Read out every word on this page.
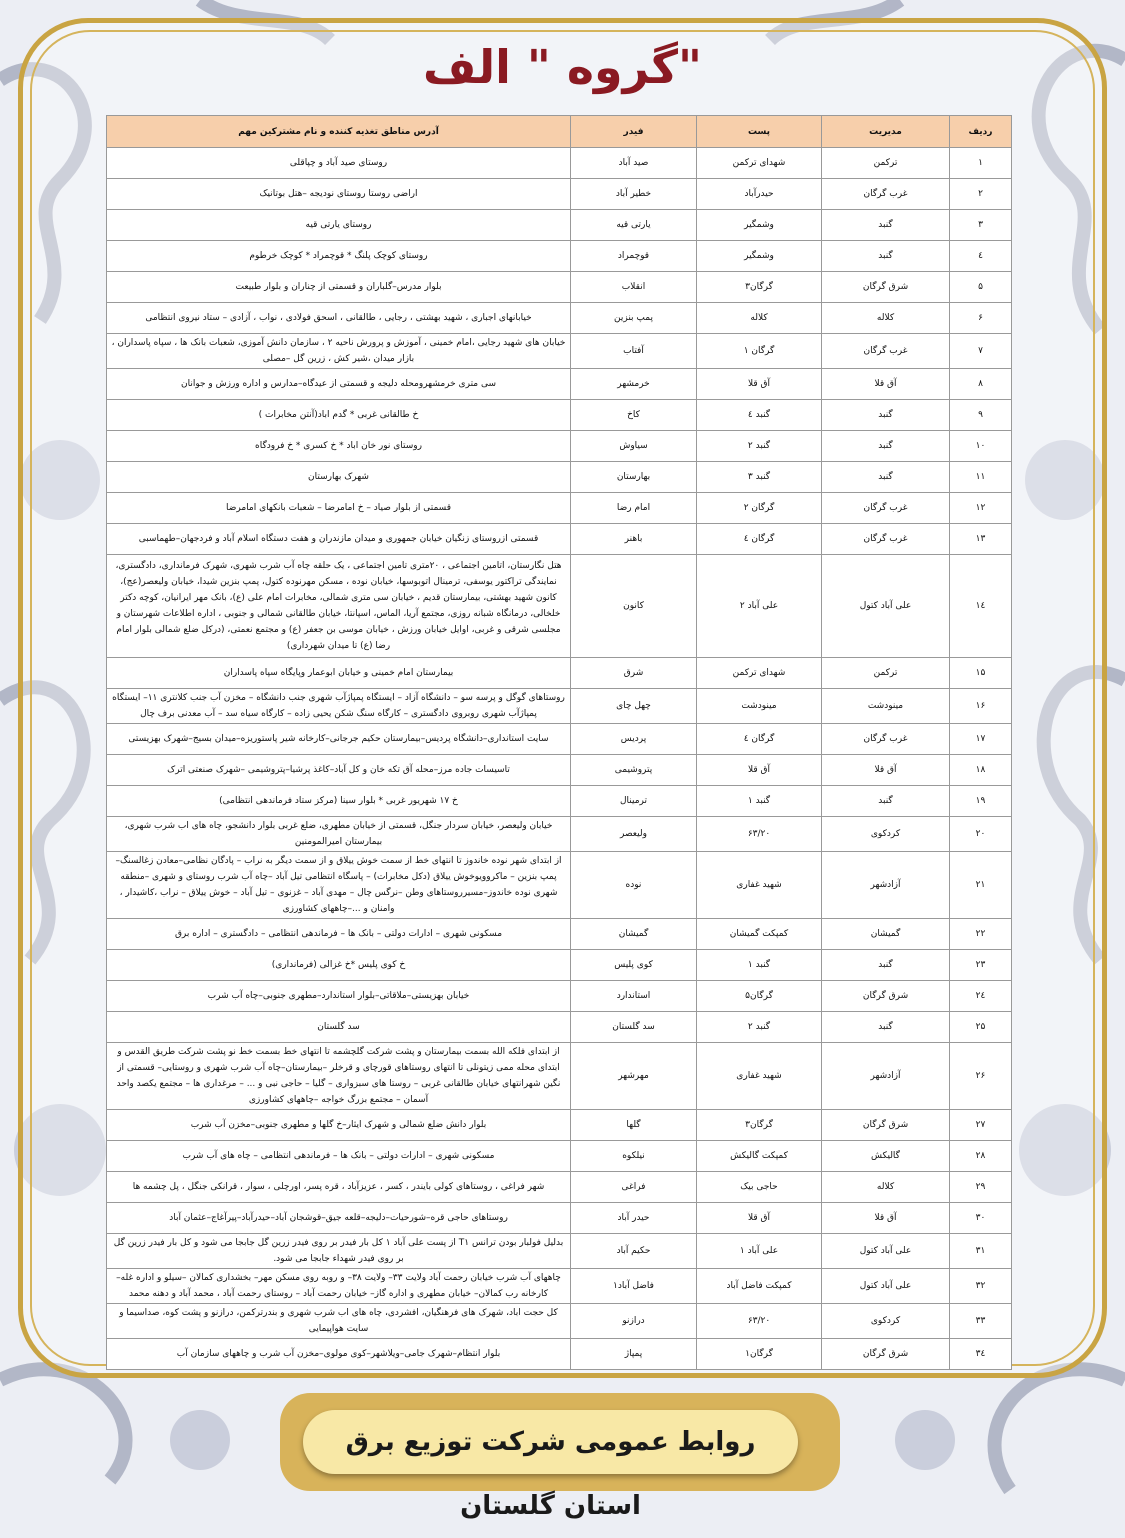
گروه " الف"
ردیف	مدیریت	پست	فیدر	آدرس مناطق تغذیه کننده و نام مشترکین مهم
۱	ترکمن	شهدای ترکمن	صید آباد	روستای صید آباد و چپاقلی
۲	غرب گرگان	حیدرآباد	خطیر آباد	اراضی روستا روستای نودیجه –هتل بوتانیک
۳	گنبد	وشمگیر	یارتی قیه	روستای یارتی قیه
٤	گنبد	وشمگیر	قوچمراد	روستای کوچک پلنگ * قوچمراد * کوچک خرطوم
۵	شرق گرگان	گرگان۳	انقلاب	بلوار مدرس–گلباران و قسمتی از چناران و بلوار طبیعت
۶	کلاله	کلاله	پمپ بنزین	خیابانهای اجباری ، شهید بهشتی ، رجایی ، طالقانی ، اسحق فولادی ، نواب ، آزادی – ستاد نیروی انتظامی
۷	غرب گرگان	گرگان ۱	آفتاب	خیابان های شهید رجایی ،امام خمینی ، آموزش و پرورش ناحیه ۲ ، سازمان دانش آموزی، شعبات بانک ها ، سپاه پاسداران ، بازار میدان ،شیر کش ، زرین گل –مصلی
۸	آق قلا	آق قلا	خرمشهر	سی متری خرمشهرومحله دلیجه و قسمتی از عیدگاه–مدارس و اداره ورزش و جوانان
۹	گنبد	گنبد ٤	کاخ	خ طالقانی غربی * گدم اباد(آنتن مخابرات )
۱۰	گنبد	گنبد ۲	سیاوش	روستای نور خان اباد * خ کسری * خ فرودگاه
۱۱	گنبد	گنبد ۳	بهارستان	شهرک بهارستان
۱۲	غرب گرگان	گرگان ۲	امام رضا	قسمتی از بلوار صیاد – خ امامرضا – شعبات بانکهای امامرضا
۱۳	غرب گرگان	گرگان ٤	باهنر	قسمتی ازروستای زنگیان خیابان جمهوری و میدان مازندران و هفت دستگاه اسلام آباد و فردجهان–طهماسبی
۱٤	علی آباد کتول	علی آباد ۲	کانون	هتل نگارستان، اتامین اجتماعی ، ۲۰متری تامین اجتماعی ، یک حلقه چاه آب شرب شهری، شهرک فرمانداری، دادگستری، نمایندگی تراکتور یوسفی، ترمینال اتوبوسها، خیابان نوده ، مسکن مهرنوده کتول، پمپ بنزین شیدا، خیابان ولیعصر(عج)، کانون شهید بهشتی، بیمارستان قدیم ، خیابان سی متری شمالی، مخابرات امام علی (ع)، بانک مهر ایرانیان، کوچه دکتر خلخالی، درمانگاه شبانه روزی، مجتمع آریا، الماس، اسپانتا، خیابان طالقانی شمالی و جنوبی ، اداره اطلاعات شهرستان و مجلسی شرقی و غربی، اوایل خیابان ورزش ، خیابان موسی بن جعفر (ع) و مجتمع نعمتی، (درکل ضلع شمالی بلوار امام رضا (ع) تا میدان شهرداری)
۱۵	ترکمن	شهدای ترکمن	شرق	بیمارستان امام خمینی و خیابان ابوعمار وپایگاه سپاه پاسداران
۱۶	مینودشت	مینودشت	چهل چای	روستاهای گوگل و پرسه سو – دانشگاه آزاد – ایستگاه پمپاژآب شهری جنب دانشگاه – مخزن آب جنب کلانتری ۱۱– ایستگاه پمپاژآب شهری روبروی دادگستری – کارگاه سنگ شکن یحیی زاده – کارگاه سیاه سد – آب معدنی برف چال
۱۷	غرب گرگان	گرگان ٤	پردیس	سایت استانداری–دانشگاه پردیس–بیمارستان حکیم جرجانی–کارخانه شیر پاستوریزه–میدان بسیج–شهرک بهزیستی
۱۸	آق قلا	آق قلا	پتروشیمی	تاسیسات جاده مرز–محله آق تکه خان و کل آباد–کاغذ پرشیا–پتروشیمی –شهرک صنعتی اترک
۱۹	گنبد	گنبد ۱	ترمینال	خ ۱۷ شهریور غربی * بلوار سینا (مرکز ستاد فرماندهی انتظامی)
۲۰	کردکوی	۶۳/۲۰	ولیعصر	خیابان ولیعصر، خیابان سردار جنگل، قسمتی از خیابان مطهری، ضلع غربی بلوار دانشجو، چاه های اب شرب شهری، بیمارستان امیرالمومنین
۲۱	آزادشهر	شهید غفاری	نوده	از ابتدای شهر نوده خاندوز تا انتهای خط از سمت خوش ییلاق و از سمت دیگر به نراب – پادگان نظامی–معادن زغالسنگ– پمپ بنزین – ماکروویوخوش ییلاق (دکل مخابرات) – پاسگاه انتظامی تیل آباد –چاه آب شرب روستای و شهری –منطقه شهری نوده خاندوز–مسیرروستاهای وطن –نرگس چال – مهدی آباد – غزنوی – تیل آباد – خوش ییلاق – نراب ،کاشیدار ، وامنان و ...–چاههای کشاورزی
۲۲	گمیشان	کمپکت گمیشان	گمیشان	مسکونی شهری – ادارات دولتی – بانک ها – فرماندهی انتظامی – دادگستری – اداره برق
۲۳	گنبد	گنبد ۱	کوی پلیس	خ کوی پلیس *خ غزالی (فرمانداری)
۲٤	شرق گرگان	گرگان۵	استاندارد	خیابان بهزیستی–ملاقاتی–بلوار استاندارد–مطهری جنوبی–چاه آب شرب
۲۵	گنبد	گنبد ۲	سد گلستان	سد گلستان
۲۶	آزادشهر	شهید غفاری	مهرشهر	از ابتدای فلکه الله بسمت بیمارستان و پشت شرکت گلچشمه تا انتهای خط بسمت خط نو پشت شرکت طریق القدس و ابتدای محله ممی زیتونلی تا انتهای روستاهای قورچای و قرخلر –بیمارستان–چاه آب شرب شهری و روستایی– قسمتی از نگین شهرانتهای خیابان طالقانی غربی – روستا های سبزواری – گلیا – حاجی نبی و ... – مرغداری ها – مجتمع یکصد واحد آسمان – مجتمع بزرگ خواجه –چاههای کشاورزی
۲۷	شرق گرگان	گرگان۳	گلها	بلوار دانش ضلع شمالی و شهرک ایثار–خ گلها و مطهری جنوبی–مخزن آب شرب
۲۸	گالیکش	کمپکت گالیکش	نیلکوه	مسکونی شهری – ادارات دولتی – بانک ها – فرماندهی انتظامی – چاه های آب شرب
۲۹	کلاله	حاجی بیک	فراغی	شهر فراغی ، روستاهای کولی بایندر ، کسر ، عزیزآباد ، قره پسر، اورچلی ، سوار ، قرانکی جنگل ، پل چشمه ها
۳۰	آق قلا	آق قلا	حیدر آباد	روستاهای حاجی قره–شورحیات–دلیجه–قلعه جیق–قوشجان آباد–حیدرآباد–پیرآغاج–عثمان آباد
۳۱	علی آباد کتول	علی آباد ۱	حکیم آباد	بدلیل فولبار بودن ترانس T۱ از پست علی آباد ۱ کل بار فیدر بر روی فیدر زرین گل جابجا می شود و کل بار فیدر زرین گل بر روی فیدر شهداء جابجا می شود.
۳۲	علی آباد کتول	کمپکت فاضل آباد	فاضل آباد۱	چاههای آب شرب خیابان رحمت آباد ولایت ۳۳– ولایت ۳۸– و روبه روی مسکن مهر– بخشداری کمالان –سیلو و اداره غله–کارخانه رب کمالان– خیابان مطهری و اداره گاز– خیابان رحمت آباد – روستای رحمت آباد ، محمد آباد و دهنه محمد
۳۳	کردکوی	۶۳/۲۰	درازنو	کل حجت اباد، شهرک های فرهنگیان، افشردی، چاه های اب شرب شهری و بندرترکمن، درازنو و پشت کوه، صداسیما و سایت هواپیمایی
۳٤	شرق گرگان	گرگان۱	پمپاژ	بلوار انتظام–شهرک جامی–ویلاشهر–کوی مولوی–مخزن آب شرب و چاههای سازمان آب
روابط عمومی شرکت توزیع برق استان گلستان
